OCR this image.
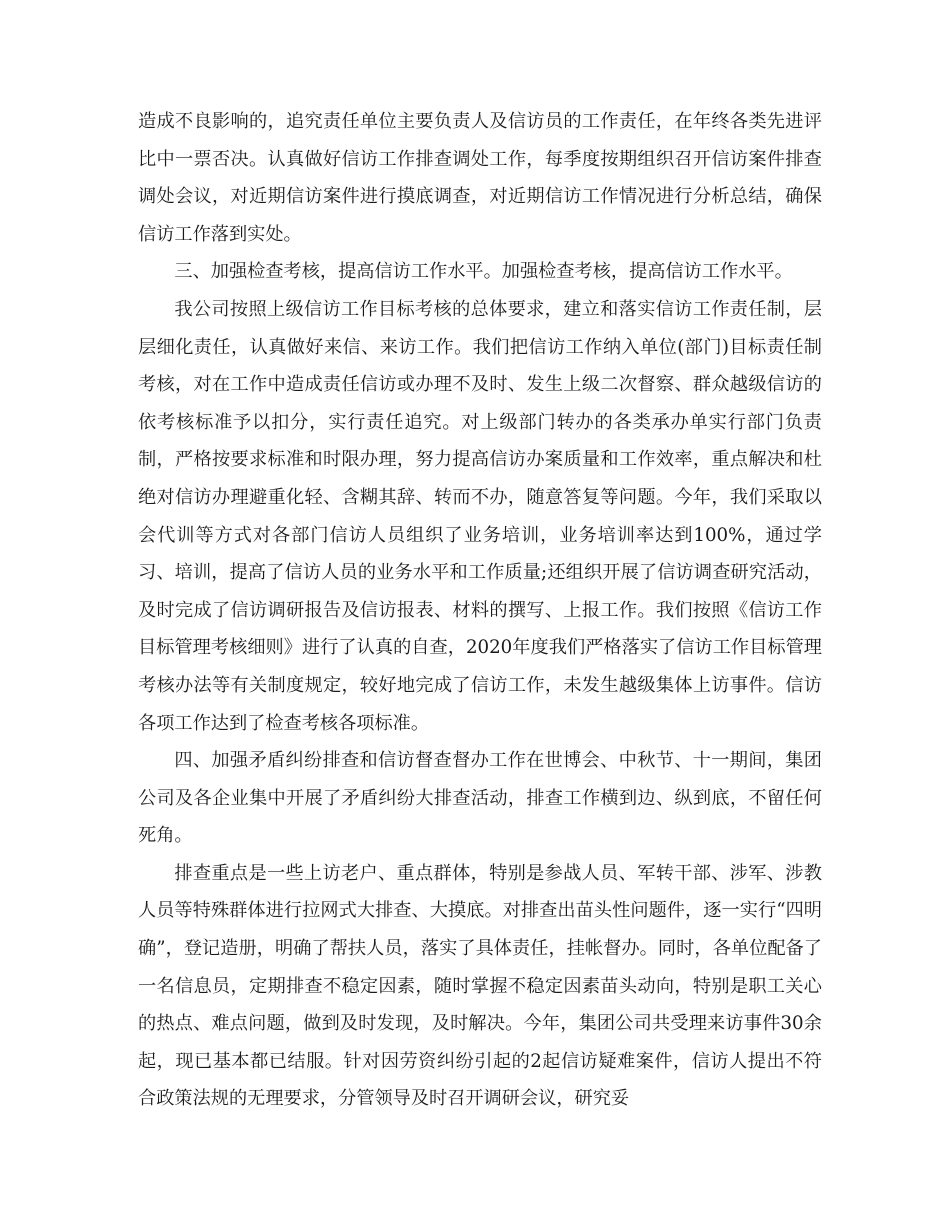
造成不良影响的，追究责任单位主要负责人及信访员的工作责任，在年终各类先进评比中一票否决。认真做好信访工作排查调处工作，每季度按期组织召开信访案件排查调处会议，对近期信访案件进行摸底调查，对近期信访工作情况进行分析总结，确保信访工作落到实处。

三、加强检查考核，提高信访工作水平。加强检查考核，提高信访工作水平。

我公司按照上级信访工作目标考核的总体要求，建立和落实信访工作责任制，层层细化责任，认真做好来信、来访工作。我们把信访工作纳入单位(部门)目标责任制考核，对在工作中造成责任信访或办理不及时、发生上级二次督察、群众越级信访的依考核标准予以扣分，实行责任追究。对上级部门转办的各类承办单实行部门负责制，严格按要求标准和时限办理，努力提高信访办案质量和工作效率，重点解决和杜绝对信访办理避重化轻、含糊其辞、转而不办，随意答复等问题。今年，我们采取以会代训等方式对各部门信访人员组织了业务培训，业务培训率达到100%，通过学习、培训，提高了信访人员的业务水平和工作质量;还组织开展了信访调查研究活动，及时完成了信访调研报告及信访报表、材料的撰写、上报工作。我们按照《信访工作目标管理考核细则》进行了认真的自查，2020年度我们严格落实了信访工作目标管理考核办法等有关制度规定，较好地完成了信访工作，未发生越级集体上访事件。信访各项工作达到了检查考核各项标准。

四、加强矛盾纠纷排查和信访督查督办工作在世博会、中秋节、十一期间，集团公司及各企业集中开展了矛盾纠纷大排查活动，排查工作横到边、纵到底，不留任何死角。

排查重点是一些上访老户、重点群体，特别是参战人员、军转干部、涉军、涉教人员等特殊群体进行拉网式大排查、大摸底。对排查出苗头性问题件，逐一实行“四明确”，登记造册，明确了帮扶人员，落实了具体责任，挂帐督办。同时，各单位配备了一名信息员，定期排查不稳定因素，随时掌握不稳定因素苗头动向，特别是职工关心的热点、难点问题，做到及时发现，及时解决。今年，集团公司共受理来访事件30余起，现已基本都已结服。针对因劳资纠纷引起的2起信访疑难案件，信访人提出不符合政策法规的无理要求，分管领导及时召开调研会议，研究妥
